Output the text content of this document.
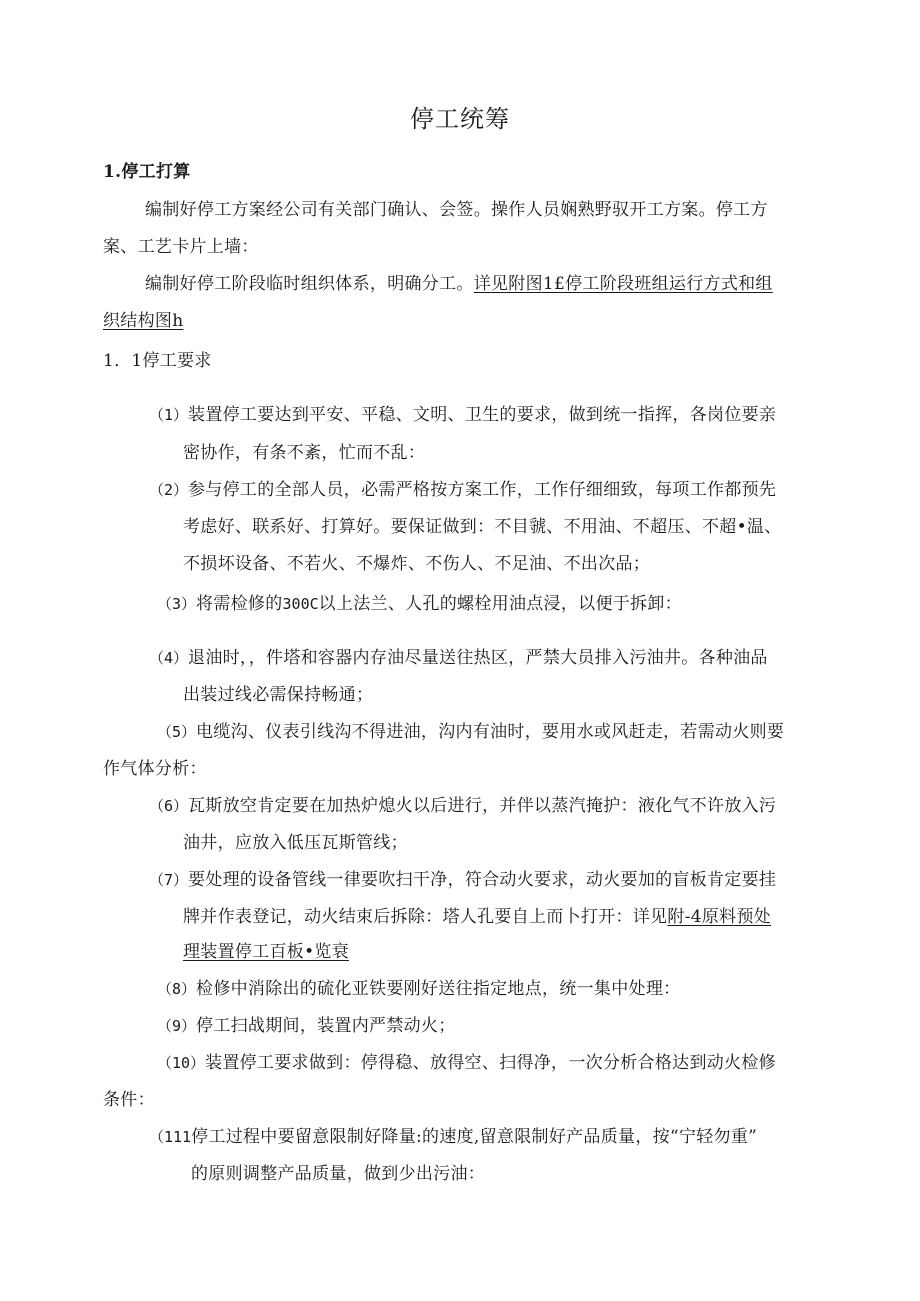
停工统筹
1.停工打算
编制好停工方案经公司有关部门确认、会签。操作人员娴熟野驭开工方案。停工方
案、工艺卡片上墙：
编制好停工阶段临时组织体系，明确分工。详见附图1£停工阶段班组运行方式和组
织结构图h
1．1停工要求
（1）装置停工要达到平安、平稳、文明、卫生的要求，做到统一指挥，各岗位要亲
密协作，有条不紊，忙而不乱：
（2）参与停工的全部人员，必需严格按方案工作，工作仔细细致，每项工作都预先
考虑好、联系好、打算好。要保证做到：不目虢、不用油、不超压、不超•温、
不损坏设备、不若火、不爆炸、不伤人、不足油、不出次品；
（3）将需检修的300C以上法兰、人孔的螺栓用油点浸，以便于拆卸：
（4）退油时，，件塔和容器内存油尽量送往热区，严禁大员排入污油井。各种油品
出装过线必需保持畅通；
（5）电缆沟、仪表引线沟不得进油，沟内有油时，要用水或风赶走，若需动火则要
作气体分析：
（6）瓦斯放空肯定要在加热炉熄火以后进行，并伴以蒸汽掩护：液化气不许放入污
油井，应放入低压瓦斯管线；
（7）要处理的设备管线一律要吹扫干净，符合动火要求，动火要加的盲板肯定要挂
牌并作表登记，动火结束后拆除：塔人孔要自上而卜打开：详见附-4原料预处
理装置停工百板•览衰
（8）检修中消除出的硫化亚铁要刚好送往指定地点，统一集中处理：
（9）停工扫战期间，装置内严禁动火；
（10）装置停工要求做到：停得稳、放得空、扫得净，一次分析合格达到动火检修
条件：
（111停工过程中要留意限制好降量:的速度,留意限制好产品质量，按“宁轻勿重”
的原则调整产品质量，做到少出污油：
